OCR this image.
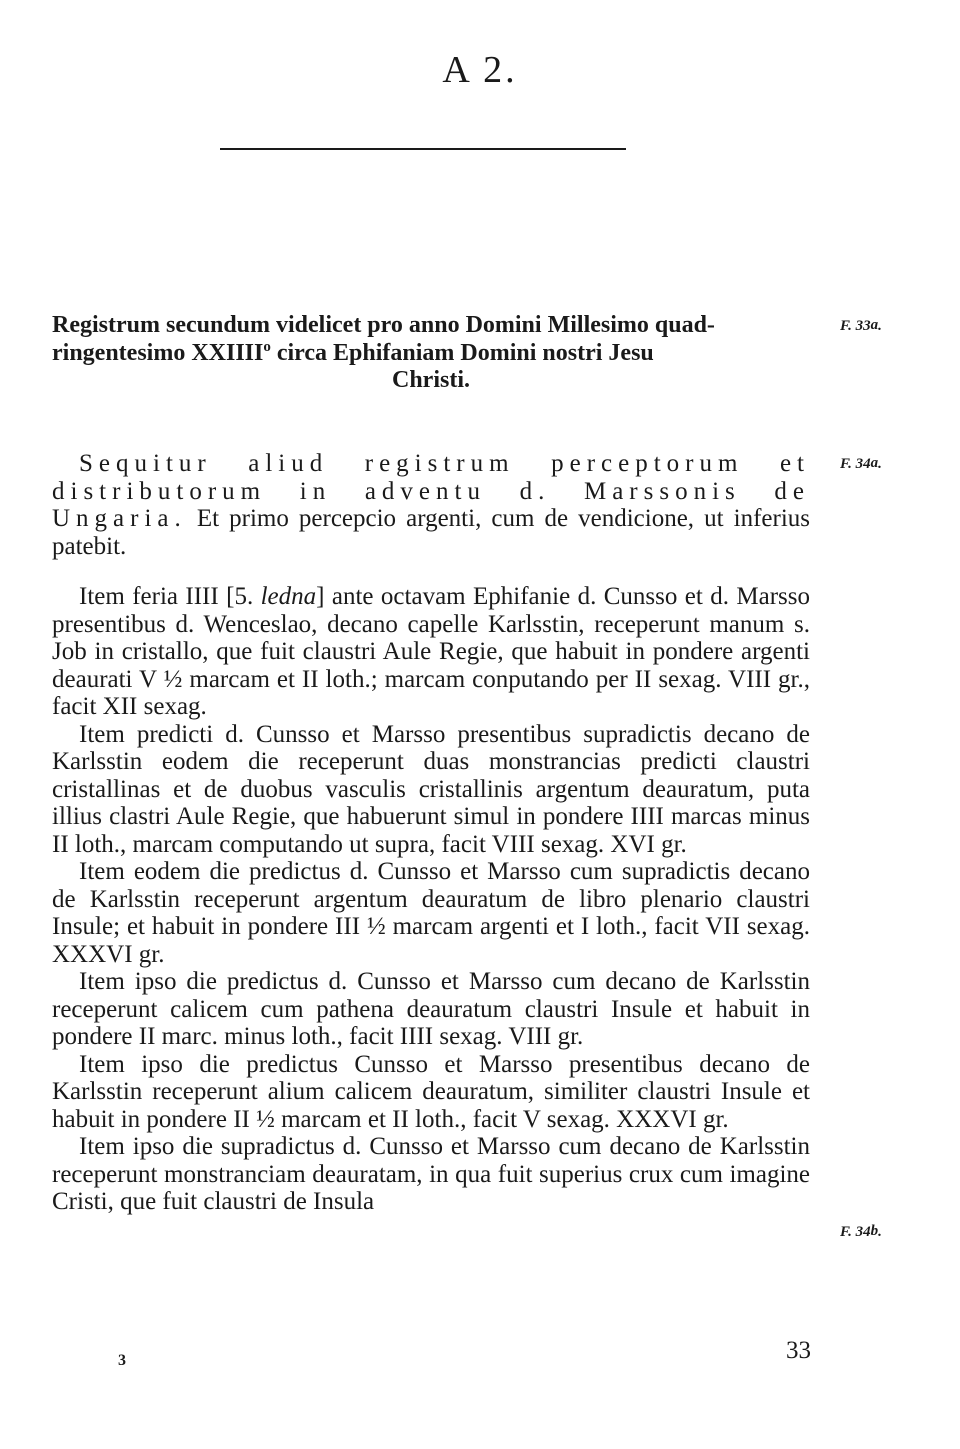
A 2.

Registrum secundum videlicet pro anno Domini Millesimo quad-

ringentesimo XXIIII$^o$ circa Ephifaniam Domini nostri Jesu

Christi.

Sequitur aliud registrum perceptorum et distributorum in adventu d. Marssonis de Ungaria. Et primo percepcio argenti, cum de vendicione, ut inferius patebit.

Item feria IIII [5. ledna] ante octavam Ephifanie d. Cunsso et d. Marsso presentibus d. Wenceslao, decano capelle Karlsstin, receperunt manum s. Job in cristallo, que fuit claustri Aule Regie, que habuit in pondere argenti deaurati V ½ marcam et II loth.; marcam conputando per II sexag. VIII gr., facit XII sexag.

Item predicti d. Cunsso et Marsso presentibus supradictis decano de Karlsstin eodem die receperunt duas monstrancias predicti claustri cristallinas et de duobus vasculis cristallinis argentum deauratum, puta illius clastri Aule Regie, que habuerunt simul in pondere IIII marcas minus II loth., marcam computando ut supra, facit VIII sexag. XVI gr.

Item eodem die predictus d. Cunsso et Marsso cum supradictis decano de Karlsstin receperunt argentum deauratum de libro plenario claustri Insule; et habuit in pondere III ½ marcam argenti et I loth., facit VII sexag. XXXVI gr.

Item ipso die predictus d. Cunsso et Marsso cum decano de Karlsstin receperunt calicem cum pathena deauratum claustri Insule et habuit in pondere II marc. minus loth., facit IIII sexag. VIII gr.

Item ipso die predictus Cunsso et Marsso presentibus decano de Karlsstin receperunt alium calicem deauratum, similiter claustri Insule et habuit in pondere II ½ marcam et II loth., facit V sexag. XXXVI gr.

Item ipso die supradictus d. Cunsso et Marsso cum decano de Karlsstin receperunt monstranciam deauratam, in qua fuit superius crux cum imagine Cristi, que fuit claustri de Insula

F. 33a.
F. 34a.
F. 34b.
3	33
